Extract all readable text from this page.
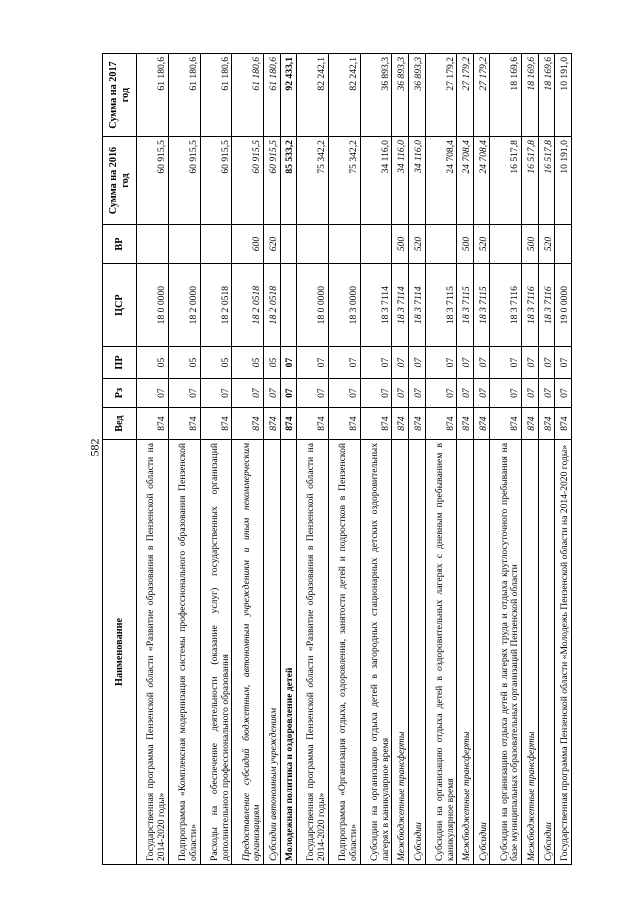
582
Наименование	Вед	Рз	ПР	ЦСР	ВР	Сумма на 2016 год	Сумма на 2017 год
Государственная программа Пензенской области «Развитие образования в Пензенской области на 2014-2020 годы»	874	07	05	18 0 0000		60 915,5	61 180,6
Подпрограмма «Комплексная модернизация системы профессионального образования Пензенской области»	874	07	05	18 2 0000		60 915,5	61 180,6
Расходы на обеспечение деятельности (оказание услуг) государственных организаций дополнительного профессионального образования	874	07	05	18 2 0518		60 915,5	61 180,6
Предоставление субсидий бюджетным, автономным учреждениям и иным некоммерческим организациям	874	07	05	18 2 0518	600	60 915,5	61 180,6
Субсидии автономным учреждениям	874	07	05	18 2 0518	620	60 915,5	61 180,6
Молодежная политика и оздоровление детей	874	07	07			85 533,2	92 433,1
Государственная программа Пензенской области «Развитие образования в Пензенской области на 2014-2020 годы»	874	07	07	18 0 0000		75 342,2	82 242,1
Подпрограмма «Организация отдыха, оздоровления, занятости детей и подростков в Пензенской области»	874	07	07	18 3 0000		75 342,2	82 242,1
Субсидии на организацию отдыха детей в загородных стационарных детских оздоровительных лагерях в каникулярное время	874	07	07	18 3 7114		34 116,0	36 893,3
Межбюджетные трансферты	874	07	07	18 3 7114	500	34 116,0	36 893,3
Субсидии	874	07	07	18 3 7114	520	34 116,0	36 893,3
Субсидии на организацию отдыха детей в оздоровительных лагерях с дневным пребыванием в каникулярное время	874	07	07	18 3 7115		24 708,4	27 179,2
Межбюджетные трансферты	874	07	07	18 3 7115	500	24 708,4	27 179,2
Субсидии	874	07	07	18 3 7115	520	24 708,4	27 179,2
Субсидии на организацию отдыха детей в лагерях труда и отдыха круглосуточного пребывания на базе муниципальных образовательных организаций Пензенской области	874	07	07	18 3 7116		16 517,8	18 169,6
Межбюджетные трансферты	874	07	07	18 3 7116	500	16 517,8	18 169,6
Субсидии	874	07	07	18 3 7116	520	16 517,8	18 169,6
Государственная программа Пензенской области «Молодежь Пензенской области на 2014-2020 годы»	874	07	07	19 0 0000		10 191,0	10 191,0
